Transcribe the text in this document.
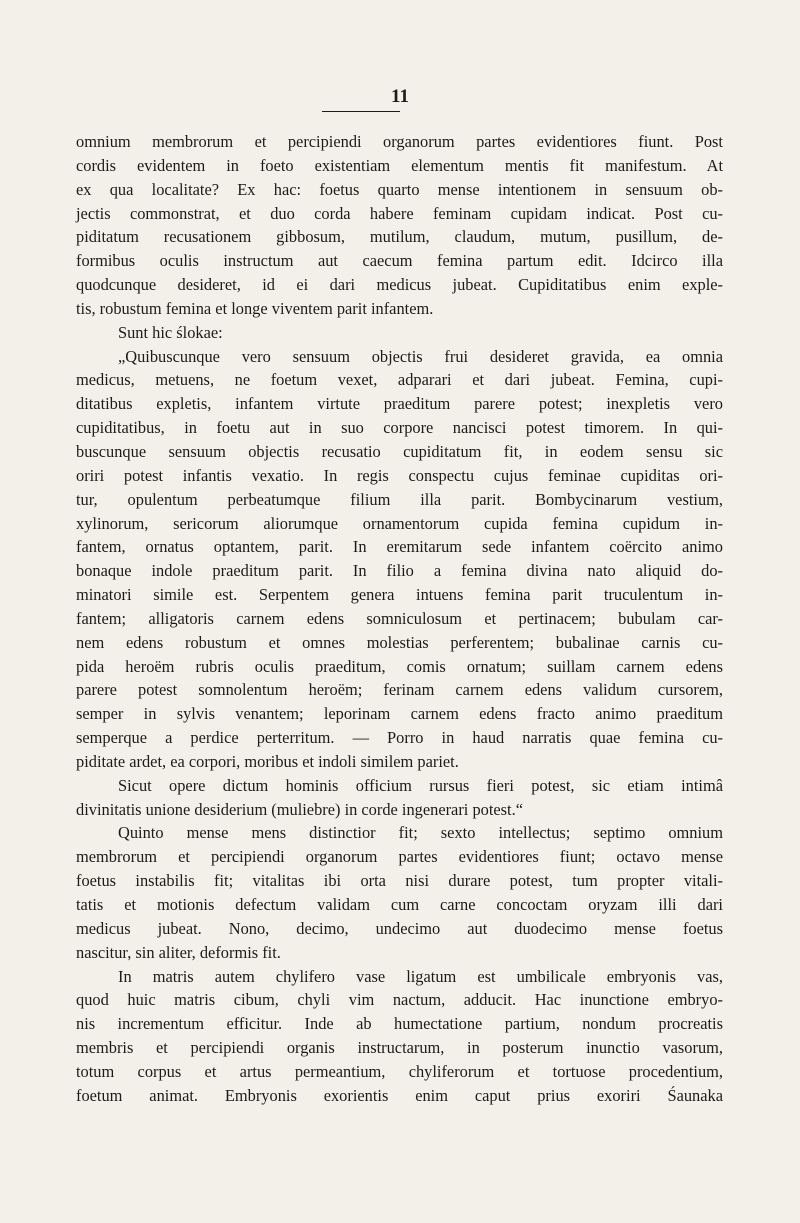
11
omnium membrorum et percipiendi organorum partes evidentiores fiunt. Post
cordis evidentem in foeto existentiam elementum mentis fit manifestum. At
ex qua localitate? Ex hac: foetus quarto mense intentionem in sensuum ob-
jectis commonstrat, et duo corda habere feminam cupidam indicat. Post cu-
piditatum recusationem gibbosum, mutilum, claudum, mutum, pusillum, de-
formibus oculis instructum aut caecum femina partum edit. Idcirco illa
quodcunque desideret, id ei dari medicus jubeat. Cupiditatibus enim exple-
tis, robustum femina et longe viventem parit infantem.
Sunt hic ślokae:
„Quibuscunque vero sensuum objectis frui desideret gravida, ea omnia
medicus, metuens, ne foetum vexet, adparari et dari jubeat. Femina, cupi-
ditatibus expletis, infantem virtute praeditum parere potest; inexpletis vero
cupiditatibus, in foetu aut in suo corpore nancisci potest timorem. In qui-
buscunque sensuum objectis recusatio cupiditatum fit, in eodem sensu sic
oriri potest infantis vexatio. In regis conspectu cujus feminae cupiditas ori-
tur, opulentum perbeatumque filium illa parit. Bombycinarum vestium,
xylinorum, sericorum aliorumque ornamentorum cupida femina cupidum in-
fantem, ornatus optantem, parit. In eremitarum sede infantem coërcito animo
bonaque indole praeditum parit. In filio a femina divina nato aliquid do-
minatori simile est. Serpentem genera intuens femina parit truculentum in-
fantem; alligatoris carnem edens somniculosum et pertinacem; bubulam car-
nem edens robustum et omnes molestias perferentem; bubalinae carnis cu-
pida heroëm rubris oculis praeditum, comis ornatum; suillam carnem edens
parere potest somnolentum heroëm; ferinam carnem edens validum cursorem,
semper in sylvis venantem; leporinam carnem edens fracto animo praeditum
semperque a perdice perterritum. — Porro in haud narratis quae femina cu-
piditate ardet, ea corpori, moribus et indoli similem pariet.
Sicut opere dictum hominis officium rursus fieri potest, sic etiam intimâ
divinitatis unione desiderium (muliebre) in corde ingenerari potest.“
Quinto mense mens distinctior fit; sexto intellectus; septimo omnium
membrorum et percipiendi organorum partes evidentiores fiunt; octavo mense
foetus instabilis fit; vitalitas ibi orta nisi durare potest, tum propter vitali-
tatis et motionis defectum validam cum carne concoctam oryzam illi dari
medicus jubeat. Nono, decimo, undecimo aut duodecimo mense foetus
nascitur, sin aliter, deformis fit.
In matris autem chylifero vase ligatum est umbilicale embryonis vas,
quod huic matris cibum, chyli vim nactum, adducit. Hac inunctione embryo-
nis incrementum efficitur. Inde ab humectatione partium, nondum procreatis
membris et percipiendi organis instructarum, in posterum inunctio vasorum,
totum corpus et artus permeantium, chyliferorum et tortuose procedentium,
foetum animat. Embryonis exorientis enim caput prius exoriri Śaunaka
